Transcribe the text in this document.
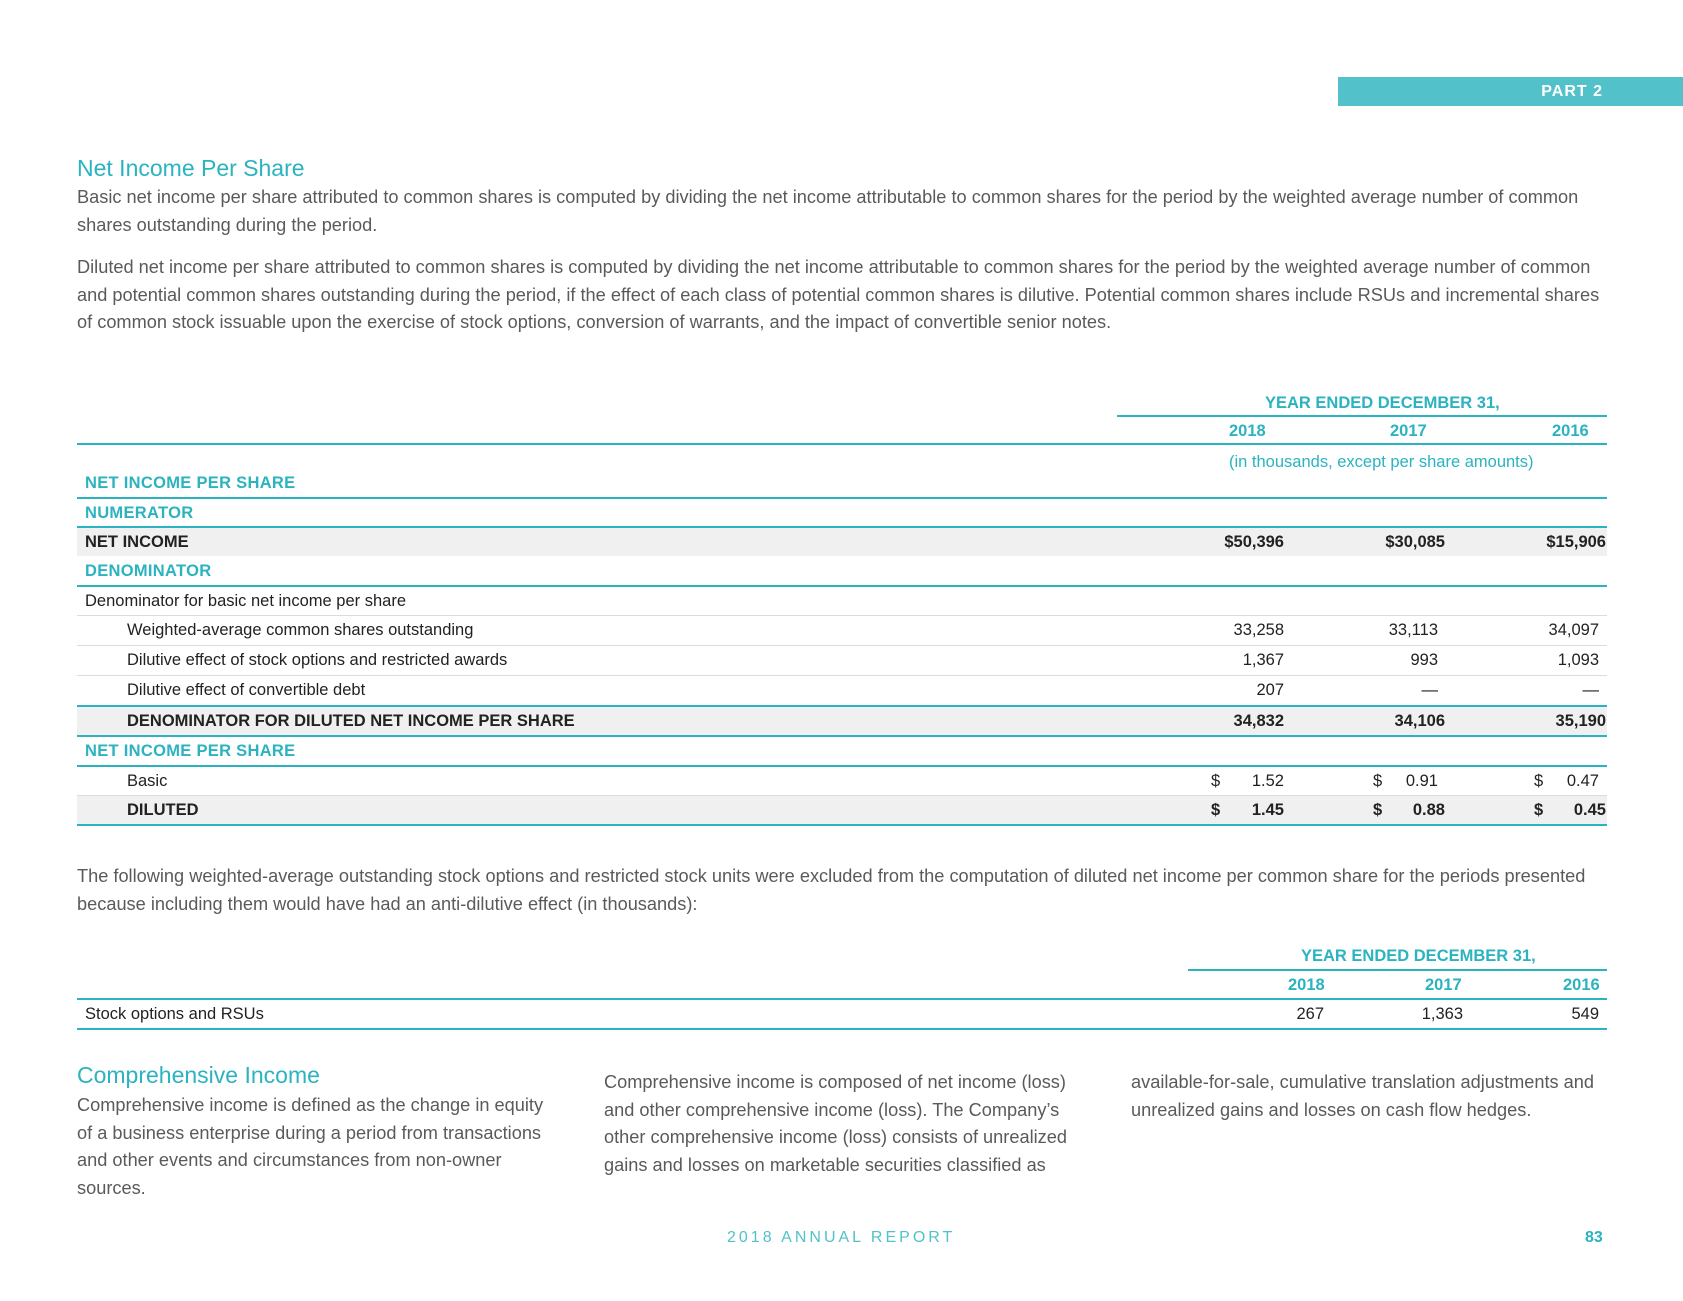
PART 2
Net Income Per Share

Basic net income per share attributed to common shares is computed by dividing the net income attributable to common shares for the period by the weighted average number of common shares outstanding during the period.

Diluted net income per share attributed to common shares is computed by dividing the net income attributable to common shares for the period by the weighted average number of common and potential common shares outstanding during the period, if the effect of each class of potential common shares is dilutive. Potential common shares include RSUs and incremental shares of common stock issuable upon the exercise of stock options, conversion of warrants, and the impact of convertible senior notes.

YEAR ENDED DECEMBER 31,
2018	2017	2016
(in thousands, except per share amounts)
NET INCOME PER SHARE
NUMERATOR
NET INCOME	$50,396	$30,085	$15,906
DENOMINATOR
Denominator for basic net income per share
Weighted-average common shares outstanding	33,258	33,113	34,097
Dilutive effect of stock options and restricted awards	1,367	993	1,093
Dilutive effect of convertible debt	207	—	—
DENOMINATOR FOR DILUTED NET INCOME PER SHARE	34,832	34,106	35,190
NET INCOME PER SHARE
Basic	$ 1.52	$ 0.91	$ 0.47
DILUTED	$ 1.45	$ 0.88	$ 0.45

The following weighted-average outstanding stock options and restricted stock units were excluded from the computation of diluted net income per common share for the periods presented because including them would have had an anti-dilutive effect (in thousands):

YEAR ENDED DECEMBER 31,
2018	2017	2016
Stock options and RSUs	267	1,363	549
Comprehensive Income

Comprehensive income is defined as the change in equity of a business enterprise during a period from transactions and other events and circumstances from non-owner sources.

Comprehensive income is composed of net income (loss) and other comprehensive income (loss). The Company’s other comprehensive income (loss) consists of unrealized gains and losses on marketable securities classified as

available-for-sale, cumulative translation adjustments and unrealized gains and losses on cash flow hedges.

2018 ANNUAL REPORT	83
